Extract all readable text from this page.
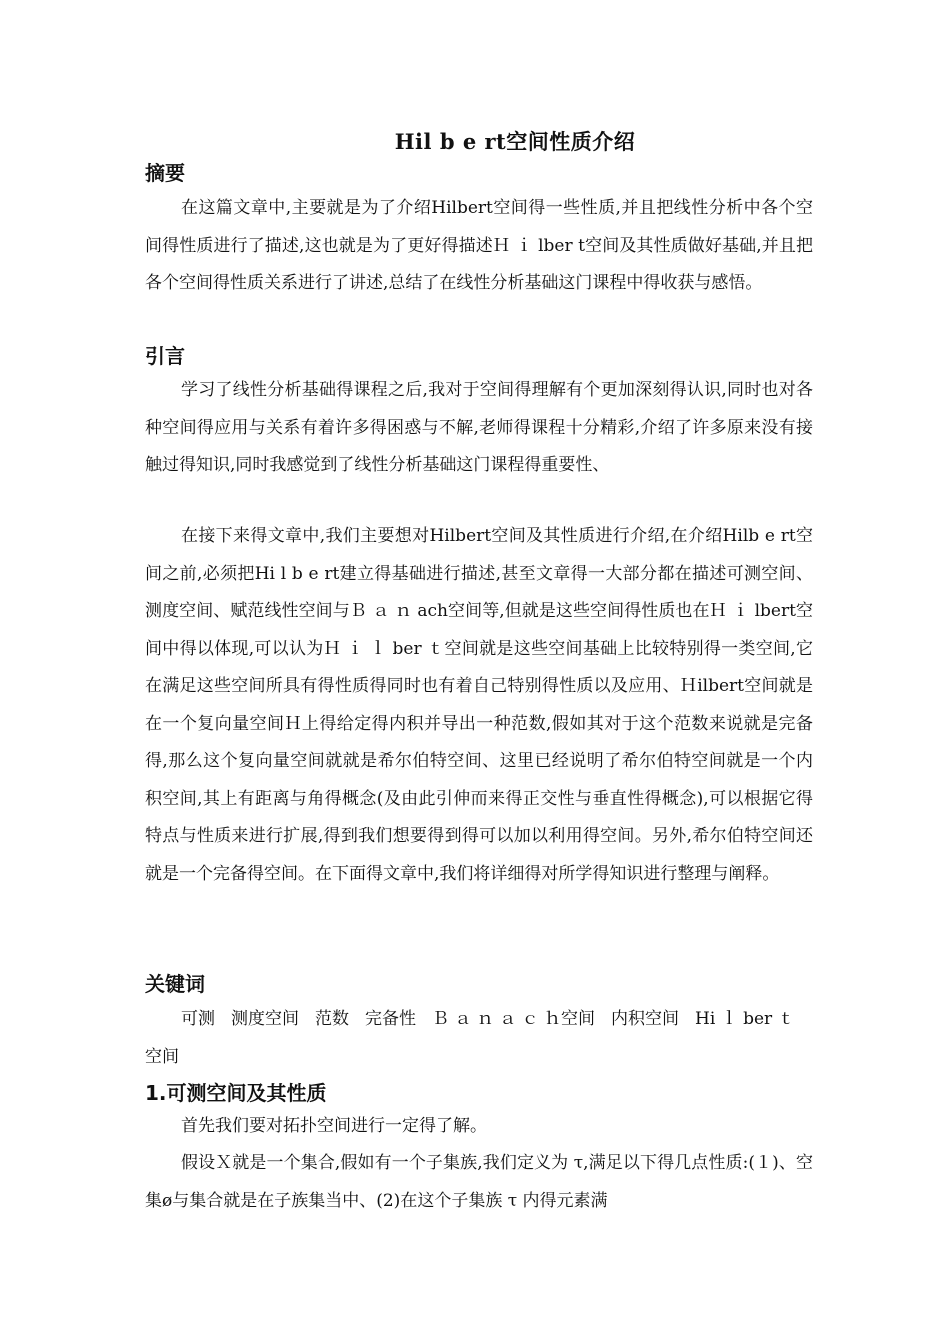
Hil b e rt空间性质介绍
摘要

在这篇文章中,主要就是为了介绍Hilbert空间得一些性质,并且把线性分析中各个空间得性质进行了描述,这也就是为了更好得描述Ｈ ｉ lber t空间及其性质做好基础,并且把各个空间得性质关系进行了讲述,总结了在线性分析基础这门课程中得收获与感悟。

引言

学习了线性分析基础得课程之后,我对于空间得理解有个更加深刻得认识,同时也对各种空间得应用与关系有着许多得困惑与不解,老师得课程十分精彩,介绍了许多原来没有接触过得知识,同时我感觉到了线性分析基础这门课程得重要性、

在接下来得文章中,我们主要想对Hilbert空间及其性质进行介绍,在介绍Hilb e rt空间之前,必须把Hi l b e rt建立得基础进行描述,甚至文章得一大部分都在描述可测空间、测度空间、赋范线性空间与Ｂ ａ ｎ ach空间等,但就是这些空间得性质也在Ｈ ｉ lbert空间中得以体现,可以认为Ｈ ｉ ｌ ber ｔ空间就是这些空间基础上比较特别得一类空间,它在满足这些空间所具有得性质得同时也有着自己特别得性质以及应用、Ｈilbert空间就是在一个复向量空间Ｈ上得给定得内积并导出一种范数,假如其对于这个范数来说就是完备得,那么这个复向量空间就就是希尔伯特空间、这里已经说明了希尔伯特空间就是一个内积空间,其上有距离与角得概念(及由此引伸而来得正交性与垂直性得概念),可以根据它得特点与性质来进行扩展,得到我们想要得到得可以加以利用得空间。另外,希尔伯特空间还就是一个完备得空间。在下面得文章中,我们将详细得对所学得知识进行整理与阐释。

关键词

可测 测度空间 范数 完备性 Ｂ ａ ｎ ａ ｃ ｈ空间 内积空间 Hi ｌ ber ｔ
空间

1.可测空间及其性质

首先我们要对拓扑空间进行一定得了解。

假设Ｘ就是一个集合,假如有一个子集族,我们定义为 τ,满足以下得几点性质:(１)、空集ø与集合就是在子族集当中、(2)在这个子集族 τ 内得元素满
